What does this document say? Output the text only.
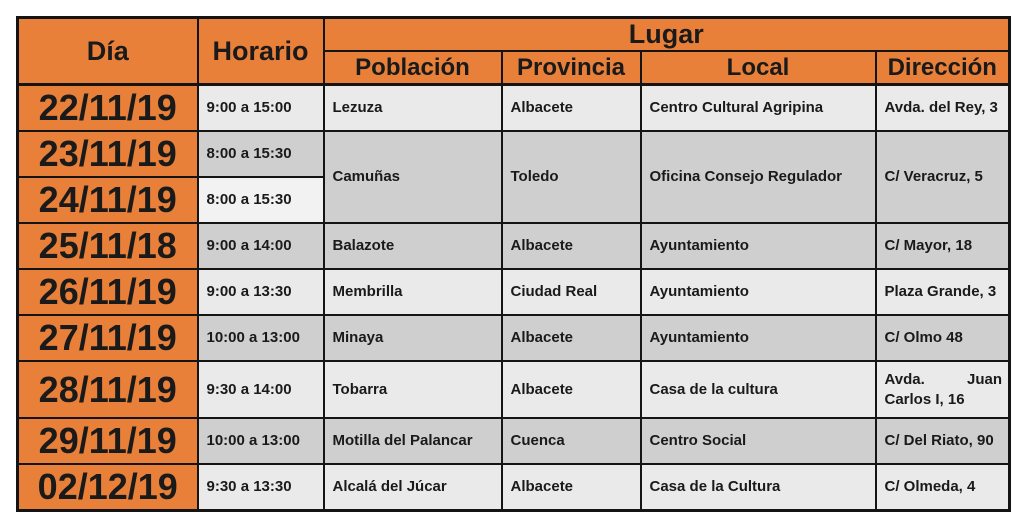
Día	Horario	Lugar			
		Población	Provincia	Local	Dirección
22/11/19	9:00 a 15:00	Lezuza	Albacete	Centro Cultural Agripina	Avda. del Rey, 3
23/11/19	8:00 a 15:30	Camuñas	Toledo	Oficina Consejo Regulador	C/ Veracruz, 5
24/11/19	8:00 a 15:30				
25/11/18	9:00 a 14:00	Balazote	Albacete	Ayuntamiento	C/ Mayor, 18
26/11/19	9:00 a 13:30	Membrilla	Ciudad Real	Ayuntamiento	Plaza Grande, 3
27/11/19	10:00 a 13:00	Minaya	Albacete	Ayuntamiento	C/ Olmo 48
28/11/19	9:30 a 14:00	Tobarra	Albacete	Casa de la cultura	Avda. Juan Carlos I, 16
29/11/19	10:00 a 13:00	Motilla del Palancar	Cuenca	Centro Social	C/ Del Riato, 90
02/12/19	9:30 a 13:30	Alcalá del Júcar	Albacete	Casa de la Cultura	C/ Olmeda, 4
